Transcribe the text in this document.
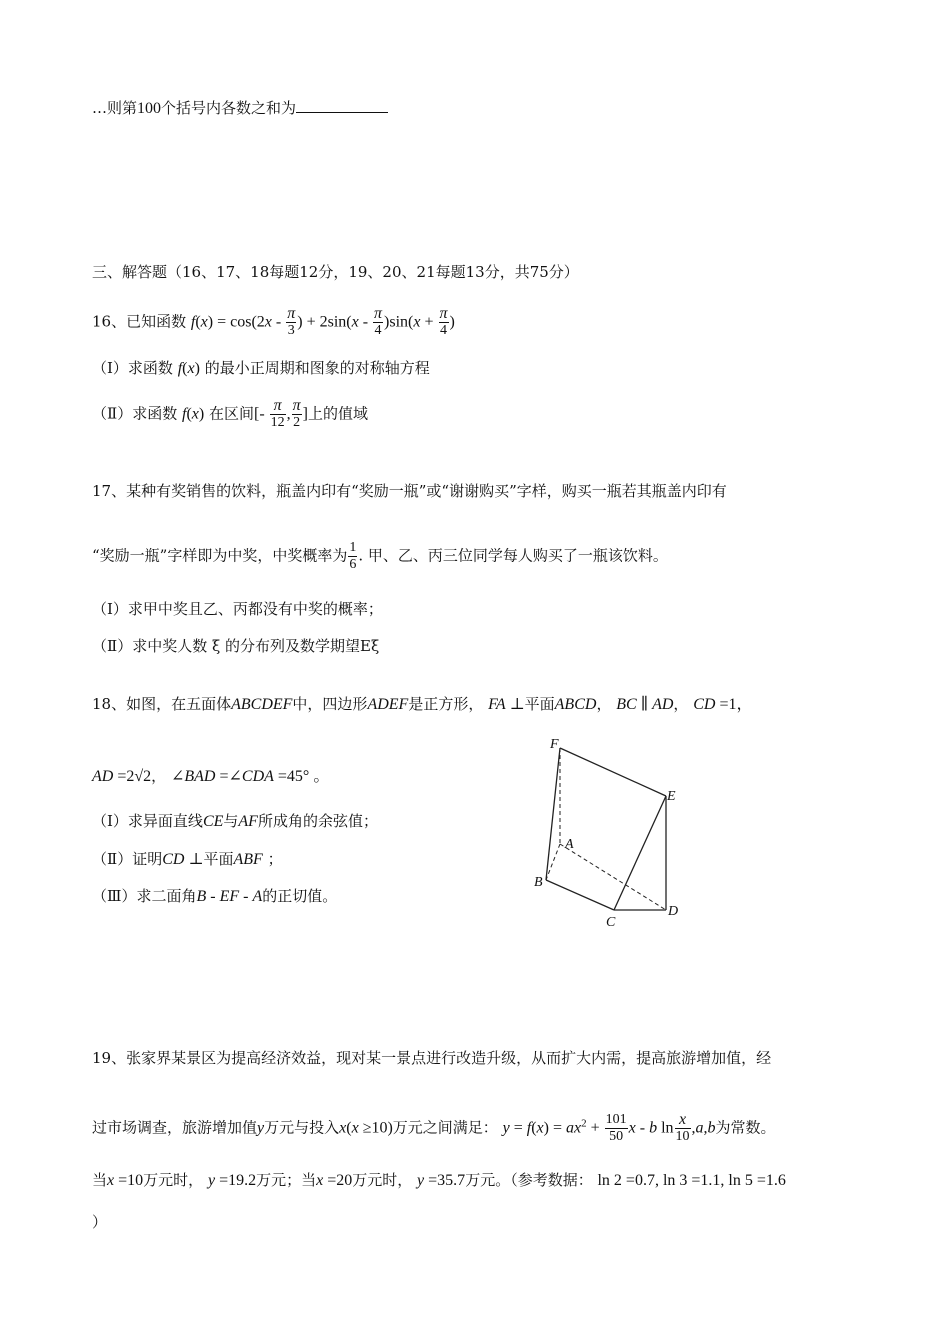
…则第100个括号内各数之和为
三、解答题（16、17、18每题12分，19、20、21每题13分，共75分）
16、已知函数 $f(x) = \cos(2x - \frac{\pi}{3}$ ) + $2\sin(x - \frac{\pi}{4} )\sin(x + \frac{\pi}{4}$ )
（Ⅰ）求函数 f(x) 的最小正周期和图象的对称轴方程
（Ⅱ）求函数 f(x) 在区间[- $\frac{\pi}{12}$ , $\frac{\pi}{2}$ ]上的值域
17、某种有奖销售的饮料，瓶盖内印有“奖励一瓶”或“谢谢购买”字样，购买一瓶若其瓶盖内印有
“奖励一瓶”字样即为中奖，中奖概率为 $\frac{1}{6}$ . 甲、乙、丙三位同学每人购买了一瓶该饮料。
（Ⅰ）求甲中奖且乙、丙都没有中奖的概率；
（Ⅱ）求中奖人数 ξ 的分布列及数学期望Eξ
18、如图，在五面体ABCDEF中，四边形ADEF是正方形， FA ⊥平面ABCD， BC ∥ AD， CD =1，
AD =2√2， ∠BAD =∠CDA =45° 。
（Ⅰ）求异面直线CE与AF所成角的余弦值；
（Ⅱ）证明CD ⊥平面ABF ；
（Ⅲ）求二面角B - EF - A的正切值。
F
E
A
B
C
D
19、张家界某景区为提高经济效益，现对某一景点进行改造升级，从而扩大内需，提高旅游增加值，经
过市场调查，旅游增加值y万元与投入x(x ≥10)万元之间满足： $y = f(x) = ax^2 + \frac{101}{50}$ x - b $\ln \frac{x}{10} ,a,b$为常数。
当x =10万元时， y =19.2万元；当x =20万元时， y =35.7万元。（参考数据： ln 2 =0.7, ln 3 =1.1, ln 5 =1.6
）
